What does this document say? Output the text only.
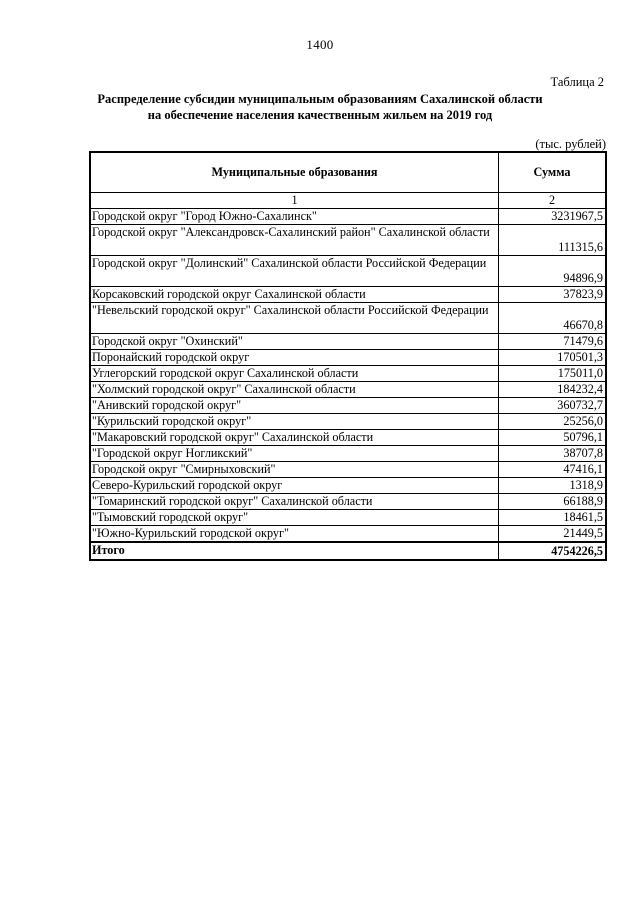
1400
Таблица 2
Распределение субсидии муниципальным образованиям Сахалинской области
на обеспечение населения качественным жильем на 2019 год
(тыс. рублей)
Муниципальные образования	Сумма
1	2
Городской округ "Город Южно-Сахалинск"	3231967,5
Городской округ "Александровск-Сахалинский район" Сахалинской области	111315,6
Городской округ "Долинский" Сахалинской области Российской Федерации	94896,9
Корсаковский городской округ Сахалинской области	37823,9
"Невельский городской округ" Сахалинской области Российской Федерации	46670,8
Городской округ "Охинский"	71479,6
Поронайский городской округ	170501,3
Углегорский городской округ Сахалинской области	175011,0
"Холмский городской округ" Сахалинской области	184232,4
"Анивский городской округ"	360732,7
"Курильский городской округ"	25256,0
"Макаровский городской округ" Сахалинской области	50796,1
"Городской округ Ногликский"	38707,8
Городской округ "Смирныховский"	47416,1
Северо-Курильский городской округ	1318,9
"Томаринский городской округ" Сахалинской области	66188,9
"Тымовский городской округ"	18461,5
"Южно-Курильский городской округ"	21449,5
Итого	4754226,5
